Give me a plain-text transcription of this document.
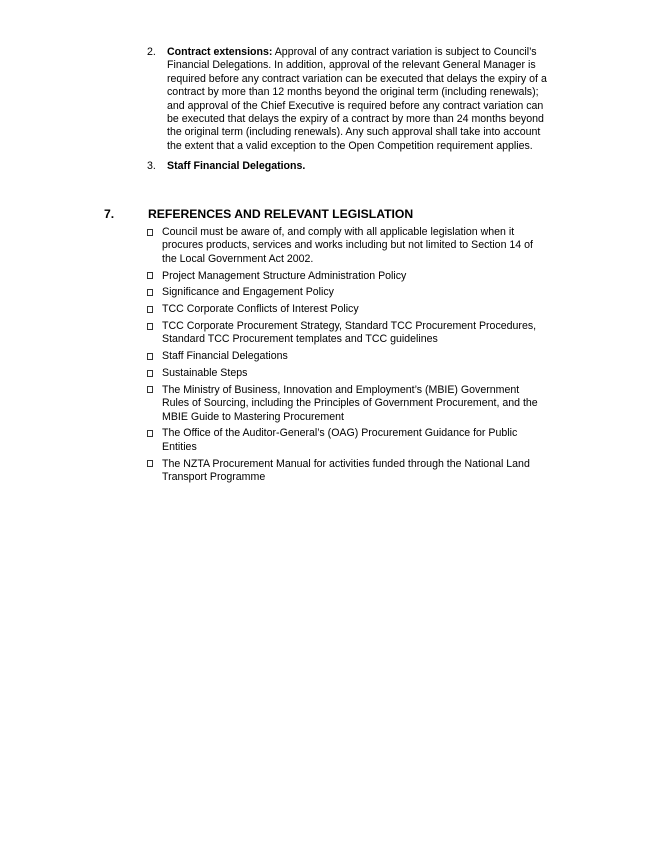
2. Contract extensions: Approval of any contract variation is subject to Council’s Financial Delegations. In addition, approval of the relevant General Manager is required before any contract variation can be executed that delays the expiry of a contract by more than 12 months beyond the original term (including renewals); and approval of the Chief Executive is required before any contract variation can be executed that delays the expiry of a contract by more than 24 months beyond the original term (including renewals). Any such approval shall take into account the extent that a valid exception to the Open Competition requirement applies.
3. Staff Financial Delegations.
7.	REFERENCES AND RELEVANT LEGISLATION
Council must be aware of, and comply with all applicable legislation when it procures products, services and works including but not limited to Section 14 of the Local Government Act 2002.
Project Management Structure Administration Policy
Significance and Engagement Policy
TCC Corporate Conflicts of Interest Policy
TCC Corporate Procurement Strategy, Standard TCC Procurement Procedures, Standard TCC Procurement templates and TCC guidelines
Staff Financial Delegations
Sustainable Steps
The Ministry of Business, Innovation and Employment’s (MBIE) Government Rules of Sourcing, including the Principles of Government Procurement, and the MBIE Guide to Mastering Procurement
The Office of the Auditor-General’s (OAG) Procurement Guidance for Public Entities
The NZTA Procurement Manual for activities funded through the National Land Transport Programme
